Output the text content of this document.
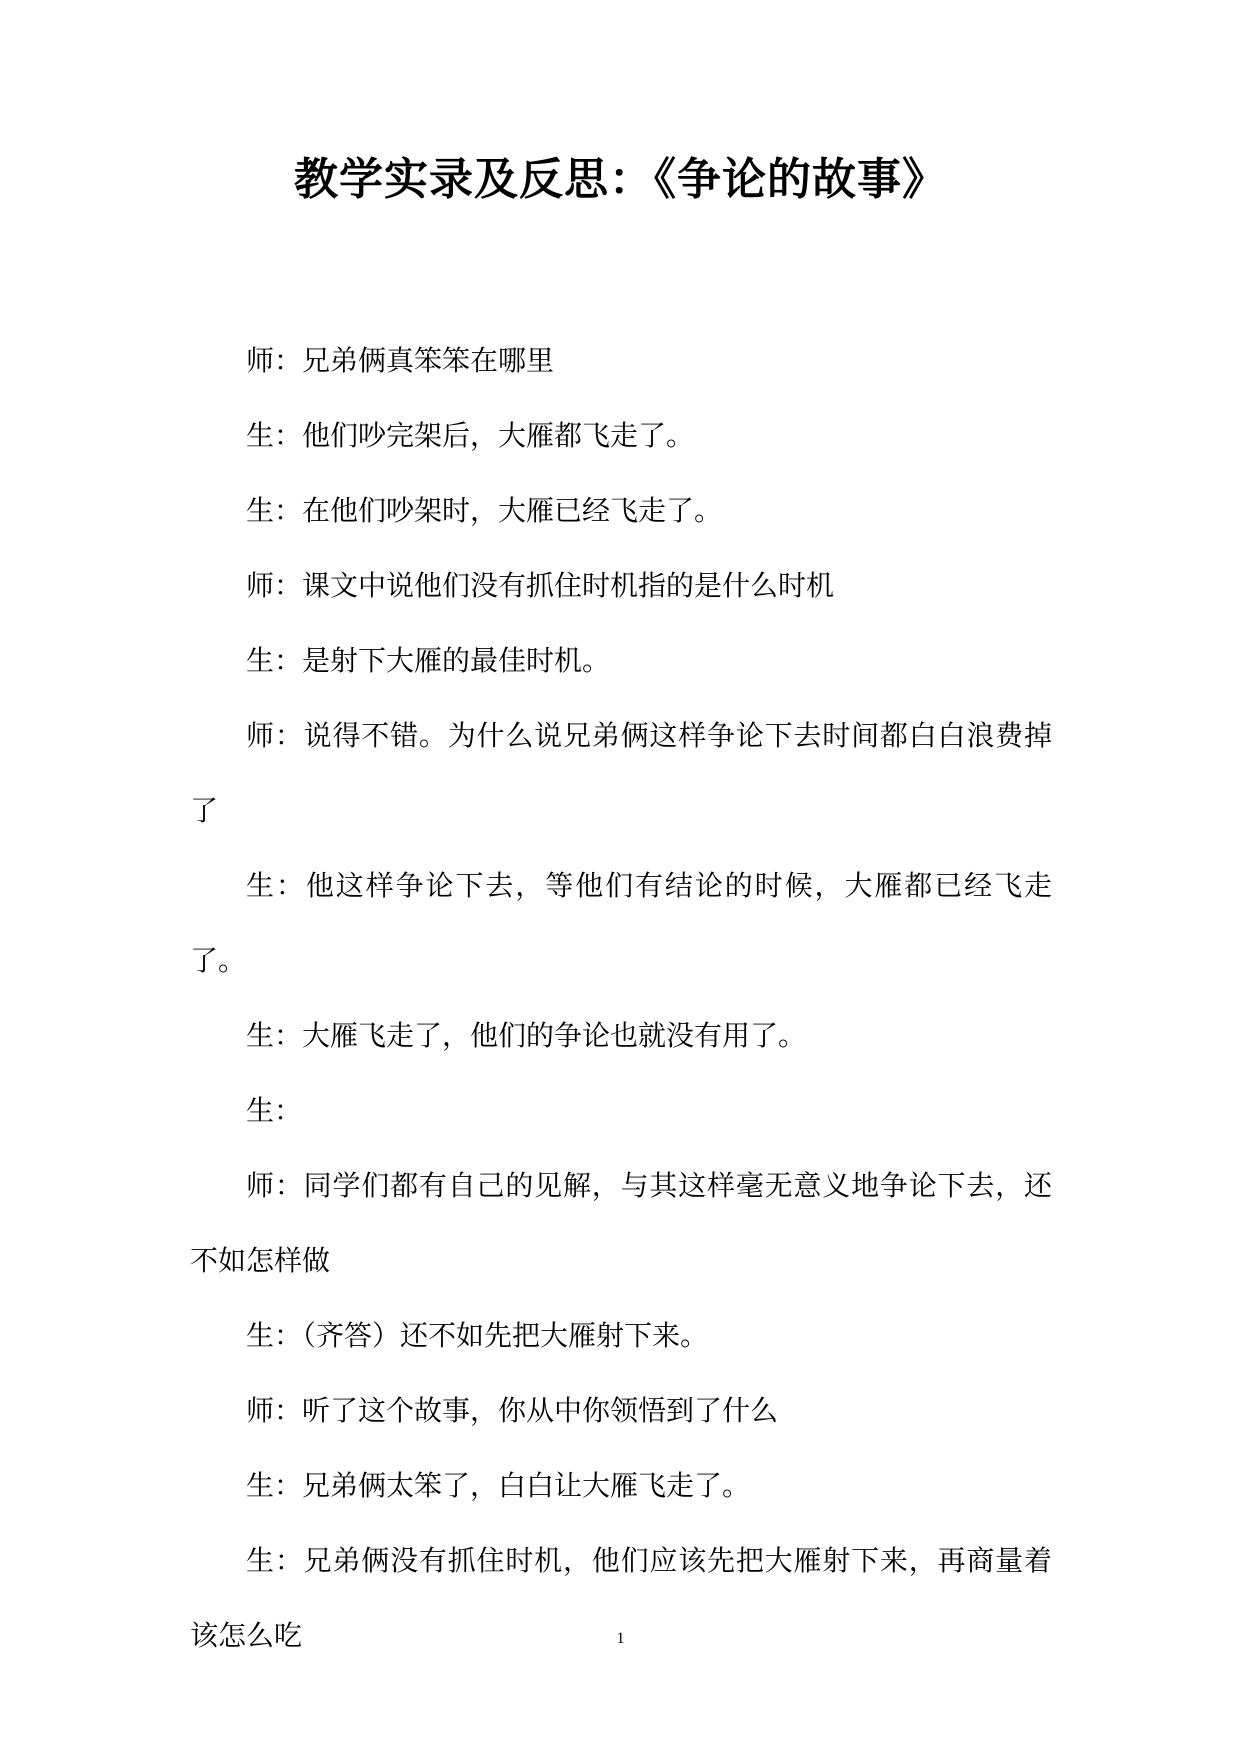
教学实录及反思：《争论的故事》

师：兄弟俩真笨笨在哪里

生：他们吵完架后，大雁都飞走了。

生：在他们吵架时，大雁已经飞走了。

师：课文中说他们没有抓住时机指的是什么时机

生：是射下大雁的最佳时机。

师：说得不错。为什么说兄弟俩这样争论下去时间都白白浪费掉了

生：他这样争论下去，等他们有结论的时候，大雁都已经飞走了。

生：大雁飞走了，他们的争论也就没有用了。

生：

师：同学们都有自己的见解，与其这样毫无意义地争论下去，还不如怎样做

生：（齐答）还不如先把大雁射下来。

师：听了这个故事，你从中你领悟到了什么

生：兄弟俩太笨了，白白让大雁飞走了。

生：兄弟俩没有抓住时机，他们应该先把大雁射下来，再商量着该怎么吃	1
